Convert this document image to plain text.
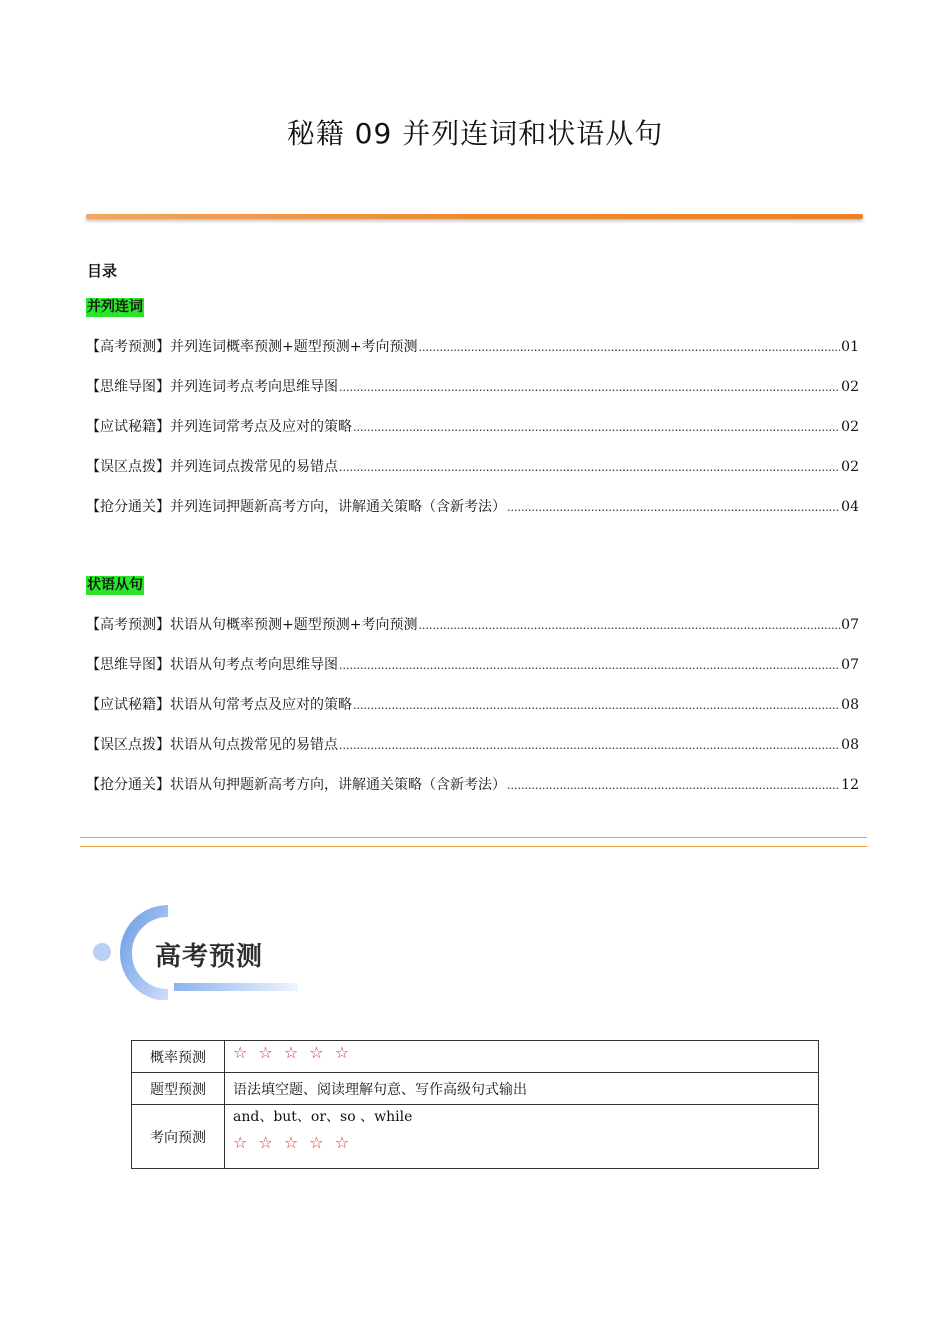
秘籍 09 并列连词和状语从句
目录
并列连词
【高考预测】并列连词概率预测+题型预测+考向预测 .....	01
【思维导图】并列连词考点考向思维导图 .....	02
【应试秘籍】并列连词常考点及应对的策略 .....	02
【误区点拨】并列连词点拨常见的易错点 .....	02
【抢分通关】并列连词押题新高考方向，讲解通关策略（含新考法） .....	04
状语从句
【高考预测】状语从句概率预测+题型预测+考向预测 .....	07
【思维导图】状语从句考点考向思维导图 .....	07
【应试秘籍】状语从句常考点及应对的策略 .....	08
【误区点拨】状语从句点拨常见的易错点 .....	08
【抢分通关】状语从句押题新高考方向，讲解通关策略（含新考法） .....	12
高考预测
概率预测	☆ ☆ ☆ ☆ ☆

题型预测	语法填空题、阅读理解句意、写作高级句式输出
考向预测	and、but、or、so 、while
☆ ☆ ☆ ☆ ☆
